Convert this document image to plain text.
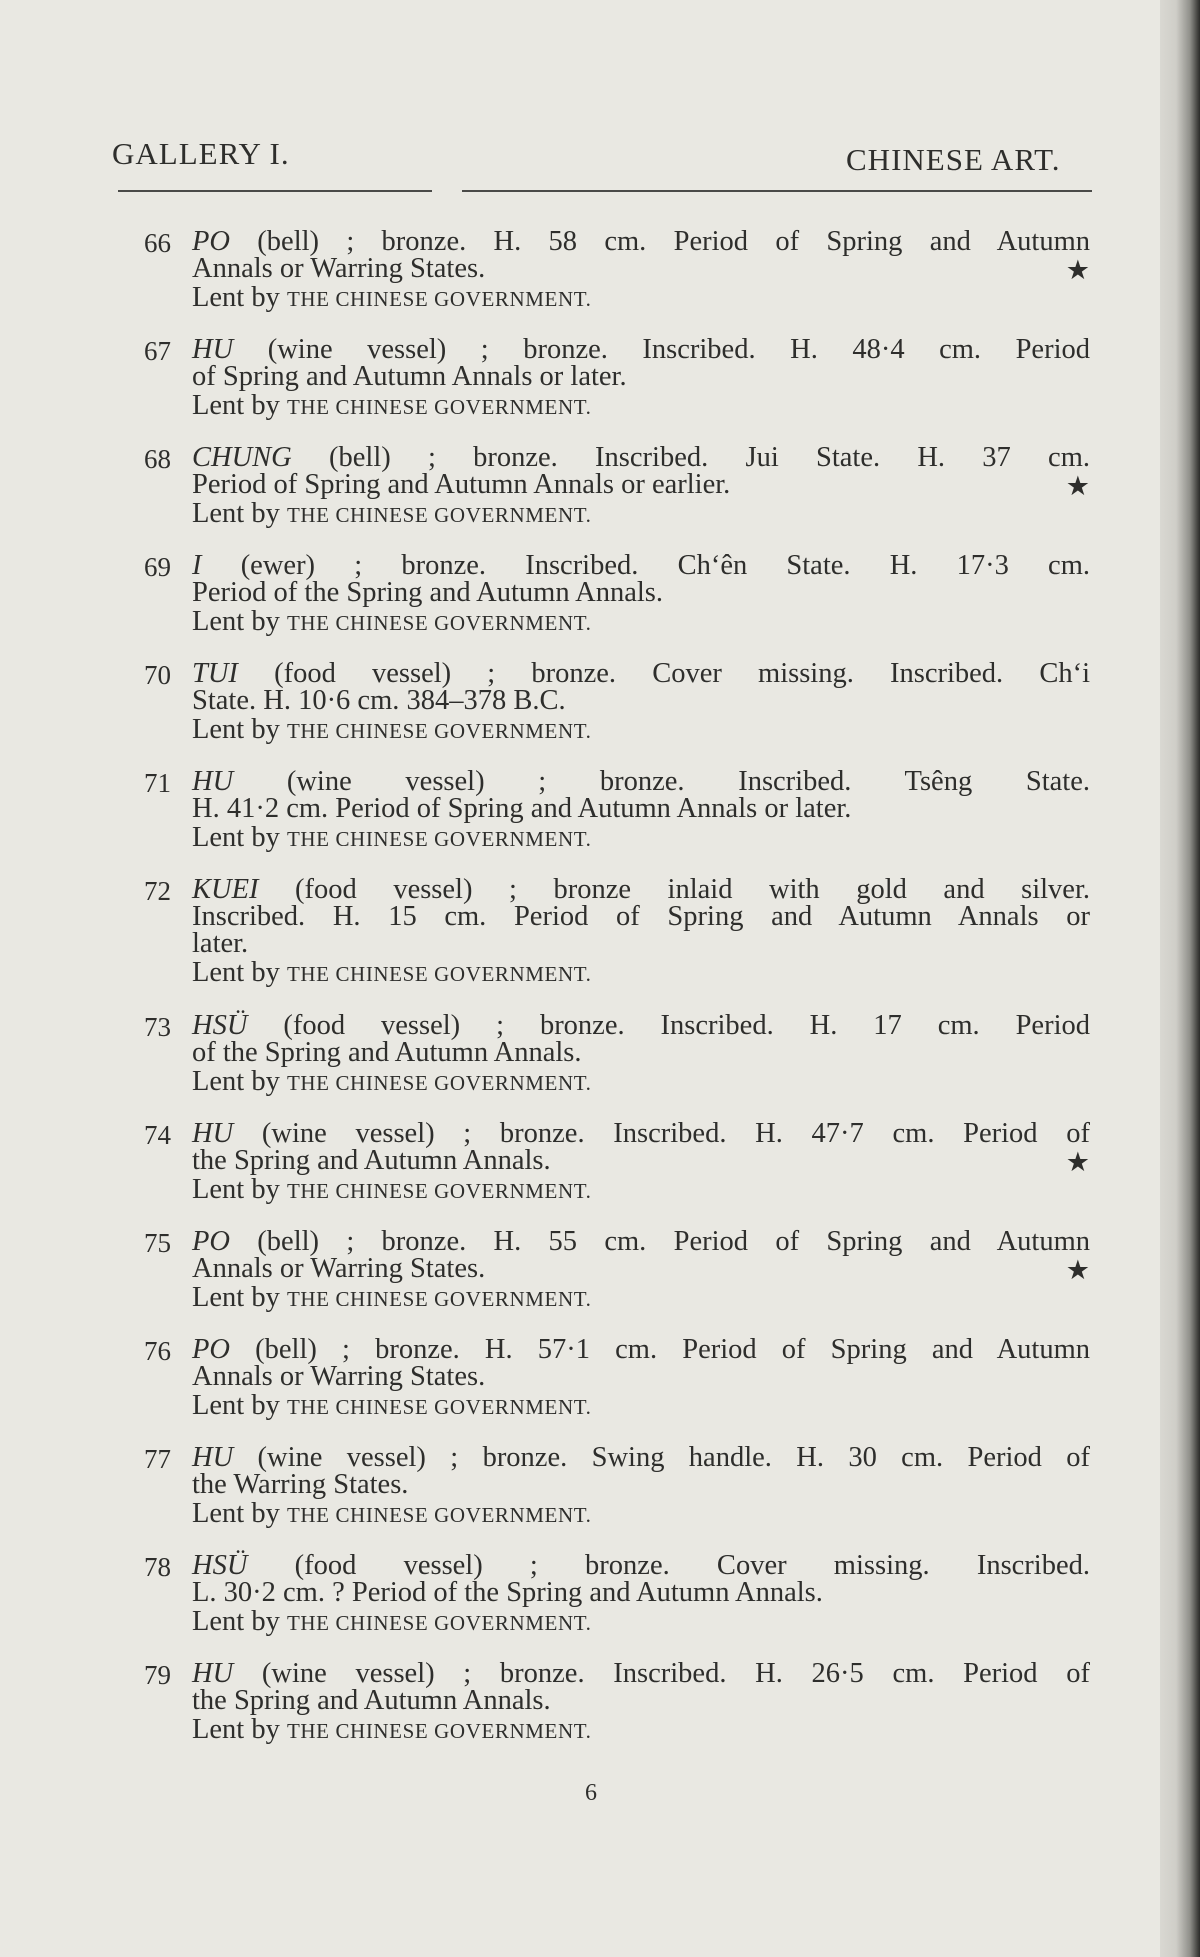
GALLERY I.	CHINESE ART.
66 PO (bell) ; bronze. H. 58 cm. Period of Spring and Autumn
Annals or Warring States.
Lent by THE CHINESE GOVERNMENT.
★
67 HU (wine vessel) ; bronze. Inscribed. H. 48·4 cm. Period
of Spring and Autumn Annals or later.
Lent by THE CHINESE GOVERNMENT.
68 CHUNG (bell) ; bronze. Inscribed. Jui State. H. 37 cm.
Period of Spring and Autumn Annals or earlier.
Lent by THE CHINESE GOVERNMENT.
★
69 I (ewer) ; bronze. Inscribed. Ch‘ên State. H. 17·3 cm.
Period of the Spring and Autumn Annals.
Lent by THE CHINESE GOVERNMENT.
70 TUI (food vessel) ; bronze. Cover missing. Inscribed. Ch‘i
State. H. 10·6 cm. 384–378 B.C.
Lent by THE CHINESE GOVERNMENT.
71 HU (wine vessel) ; bronze. Inscribed. Tsêng State.
H. 41·2 cm. Period of Spring and Autumn Annals or later.
Lent by THE CHINESE GOVERNMENT.
72 KUEI (food vessel) ; bronze inlaid with gold and silver.
Inscribed. H. 15 cm. Period of Spring and Autumn Annals or
later.
Lent by THE CHINESE GOVERNMENT.
73 HSÜ (food vessel) ; bronze. Inscribed. H. 17 cm. Period
of the Spring and Autumn Annals.
Lent by THE CHINESE GOVERNMENT.
74 HU (wine vessel) ; bronze. Inscribed. H. 47·7 cm. Period of
the Spring and Autumn Annals.
Lent by THE CHINESE GOVERNMENT.
★
75 PO (bell) ; bronze. H. 55 cm. Period of Spring and Autumn
Annals or Warring States.
Lent by THE CHINESE GOVERNMENT.
★
76 PO (bell) ; bronze. H. 57·1 cm. Period of Spring and Autumn
Annals or Warring States.
Lent by THE CHINESE GOVERNMENT.
77 HU (wine vessel) ; bronze. Swing handle. H. 30 cm. Period of
the Warring States.
Lent by THE CHINESE GOVERNMENT.
78 HSÜ (food vessel) ; bronze. Cover missing. Inscribed.
L. 30·2 cm. ? Period of the Spring and Autumn Annals.
Lent by THE CHINESE GOVERNMENT.
79 HU (wine vessel) ; bronze. Inscribed. H. 26·5 cm. Period of
the Spring and Autumn Annals.
Lent by THE CHINESE GOVERNMENT.
6
